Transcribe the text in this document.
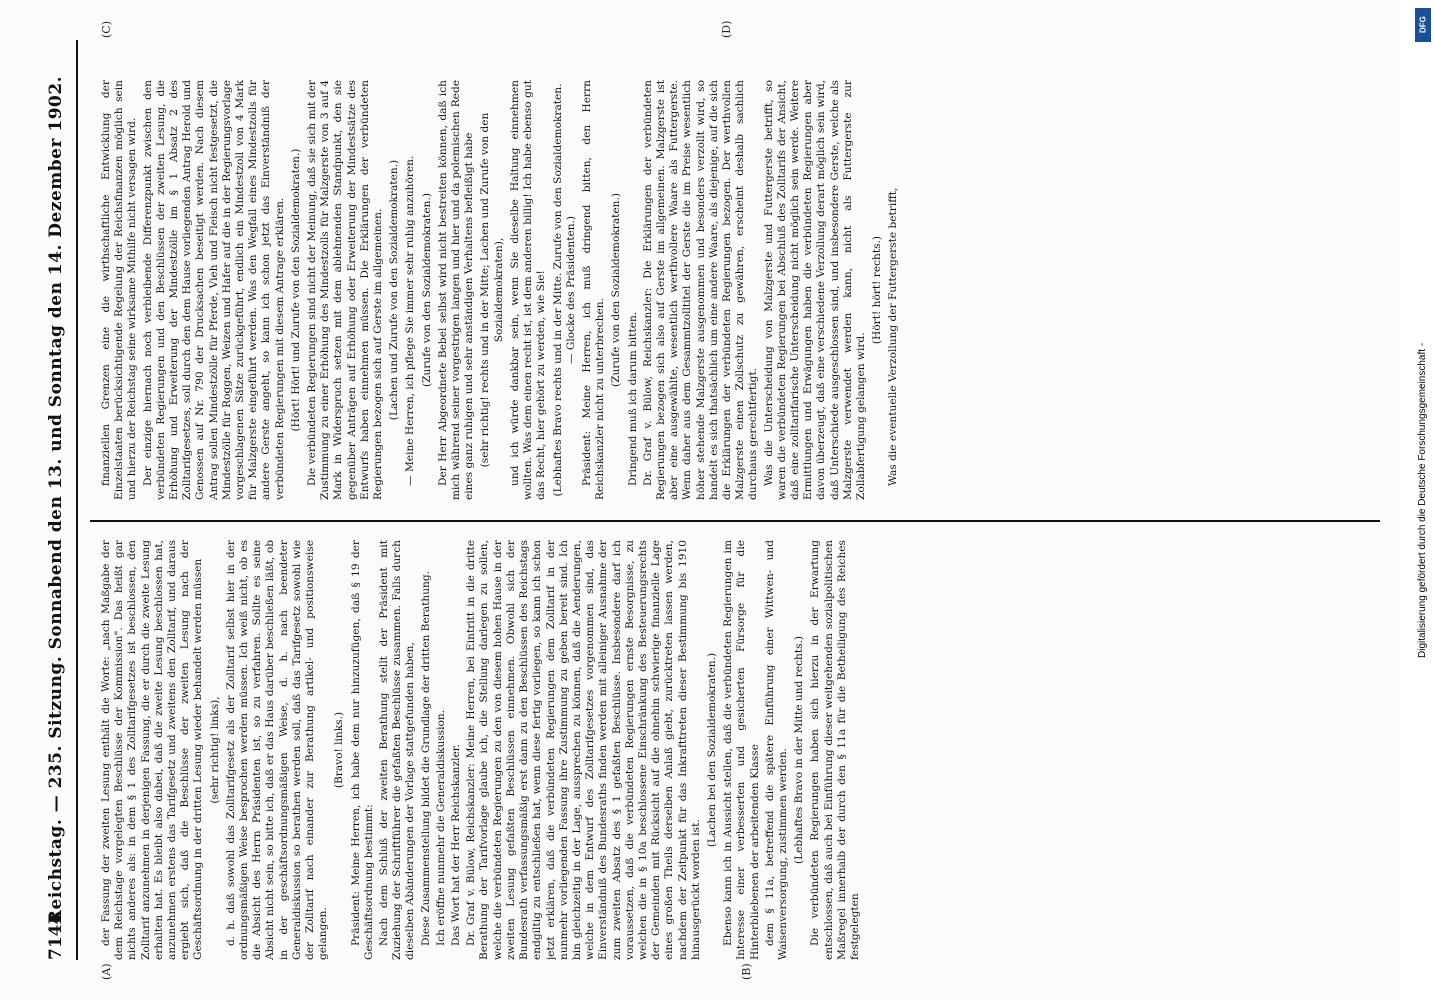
7144
Reichstag. — 235. Sitzung. Sonnabend den 13. und Sonntag den 14. Dezember 1902.
(A)	(B)
(C)	(D)

der Fassung der zweiten Lesung enthält die Worte: „nach Maßgabe der dem Reichstage vorgelegten Beschlüsse der Kommission". Das heißt gar nichts anderes als: in dem § 1 des Zolltarifgesetzes ist beschlossen, den Zolltarif anzunehmen in derjenigen Fassung, die er durch die zweite Lesung erhalten hat. Es bleibt also dabei, daß die zweite Lesung beschlossen hat, anzunehmen erstens das Tarifgesetz und zweitens den Zolltarif, und daraus ergiebt sich, daß die Beschlüsse der zweiten Lesung nach der Geschäftsordnung in der dritten Lesung wieder behandelt werden müssen (sehr richtig! links), d. h. daß sowohl das Zolltarifgesetz als der Zolltarif selbst hier in der ordnungsmäßigen Weise besprochen werden müssen. Ich weiß nicht, ob es die Absicht des Herrn Präsidenten ist, so zu verfahren. Sollte es seine Absicht nicht sein, so bitte ich, daß er das Haus darüber beschließen läßt, ob in der geschäftsordnungsmäßigen Weise, d. h. nach beendeter Generaldiskussion so berathen werden soll, daß das Tarifgesetz sowohl wie der Zolltarif nach einander zur Berathung artikel- und positionsweise gelangen.

(Bravo! links.) Präsident: Meine Herren, ich habe dem nur hinzuzufügen, daß § 19 der Geschäftsordnung bestimmt: Nach dem Schluß der zweiten Berathung stellt der Präsident mit Zuziehung der Schriftführer die gefaßten Beschlüsse zusammen. Falls durch dieselben Abänderungen der Vorlage stattgefunden haben, Diese Zusammenstellung bildet die Grundlage der dritten Berathung. Ich eröffne nunmehr die Generaldiskussion. Das Wort hat der Herr Reichskanzler. Dr. Graf v. Bülow, Reichskanzler: Meine Herren, bei Eintritt in die dritte Berathung der Tarifvorlage glaube ich, die Stellung darlegen zu sollen, welche die verbündeten Regierungen zu den von diesem hohen Hause in der zweiten Lesung gefaßten Beschlüssen einnehmen. Obwohl sich der Bundesrath verfassungsmäßig erst dann zu den Beschlüssen des Reichstags endgiltig zu entschließen hat, wenn diese fertig vorliegen, so kann ich schon jetzt erklären, daß die verbündeten Regierungen dem Zolltarif in der nunmehr vorliegenden Fassung ihre Zustimmung zu geben bereit sind. Ich bin gleichzeitig in der Lage, aussprechen zu können, daß die Aenderungen, welche in dem Entwurf des Zolltarifgesetzes vorgenommen sind, das Einverständniß des Bundesraths finden werden mit alleiniger Ausnahme der zum zweiten Absatz des § 1 gefaßten Beschlüsse. Insbesondere darf ich voraussetzen, daß die verbündeten Regierungen ernste Besorgnisse, zu welchen die in § 10a beschlossene Einschränkung des Besteuerungsrechts der Gemeinden mit Rücksicht auf die ohnehin schwierige finanzielle Lage eines großen Theils derselben Anlaß giebt, zurücktreten lassen werden, nachdem der Zeitpunkt für das Inkrafttreten dieser Bestimmung bis 1910 hinausgerückt worden ist.

(Lachen bei den Sozialdemokraten.) Ebenso kann ich in Aussicht stellen, daß die verbündeten Regierungen im Interesse einer verbesserten und gesicherten Fürsorge für die Hinterbliebenen der arbeitenden Klasse dem § 11a, betreffend die spätere Einführung einer Wittwen- und Waisenversorgung, zustimmen werden. (Lebhaftes Bravo in der Mitte und rechts.) Die verbündeten Regierungen haben sich hierzu in der Erwartung entschlossen, daß auch bei Einführung dieser weitgehenden sozialpolitischen Maßregel innerhalb der durch den § 11a für die Betheiligung des Reiches festgelegten

finanziellen Grenzen eine die wirthschaftliche Entwicklung der Einzelstaaten berücksichtigende Regelung der Reichsfinanzen möglich sein und hierzu der Reichstag seine wirksame Mithilfe nicht versagen wird. Der einzige hiernach noch verbleibende Differenzpunkt zwischen den verbündeten Regierungen und den Beschlüssen der zweiten Lesung, die Erhöhung und Erweiterung der Mindestzölle im § 1 Absatz 2 des Zolltarifgesetzes, soll durch den dem Hause vorliegenden Antrag Herold und Genossen auf Nr. 790 der Drucksachen beseitigt werden. Nach diesem Antrag sollen Mindestzölle für Pferde, Vieh und Fleisch nicht festgesetzt, die Mindestzölle für Roggen, Weizen und Hafer auf die in der Regierungsvorlage vorgeschlagenen Sätze zurückgeführt, endlich ein Mindestzoll von 4 Mark für Malzgerste eingeführt werden. Was den Wegfall eines Mindestzolls für andere Gerste angeht, so kann ich schon jetzt das Einverständniß der verbündeten Regierungen mit diesem Antrage erklären. (Hört! Hört! und Zurufe von den Sozialdemokraten.) Die verbündeten Regierungen sind nicht der Meinung, daß sie sich mit der Zustimmung zu einer Erhöhung des Mindestzolls für Malzgerste von 3 auf 4 Mark in Widerspruch setzen mit dem ablehnenden Standpunkt, den sie gegenüber Anträgen auf Erhöhung oder Erweiterung der Mindestsätze des Entwurfs haben einnehmen müssen. Die Erklärungen der verbündeten Regierungen bezogen sich auf Gerste im allgemeinen. (Lachen und Zurufe von den Sozialdemokraten.) — Meine Herren, ich pflege Sie immer sehr ruhig anzuhören. (Zurufe von den Sozialdemokraten.) Der Herr Abgeordnete Bebel selbst wird nicht bestreiten können, daß ich mich während seiner vorgestrigen langen und hier und da polemischen Rede eines ganz ruhigen und sehr anständigen Verhaltens befleißigt habe (sehr richtig! rechts und in der Mitte; Lachen und Zurufe von den Sozialdemokraten), und ich würde dankbar sein, wenn Sie dieselbe Haltung einnehmen wollten. Was dem einen recht ist, ist dem anderen billig! Ich habe ebenso gut das Recht, hier gehört zu werden, wie Sie! (Lebhaftes Bravo rechts und in der Mitte. Zurufe von den Sozialdemokraten. — Glocke des Präsidenten.) Präsident: Meine Herren, ich muß dringend bitten, den Herrn Reichskanzler nicht zu unterbrechen.

(Zurufe von den Sozialdemokraten.)

Dringend muß ich darum bitten. Dr. Graf v. Bülow, Reichskanzler: Die Erklärungen der verbündeten Regierungen bezogen sich also auf Gerste im allgemeinen. Malzgerste ist aber eine ausgewählte, wesentlich werthvollere Waare als Futtergerste. Wenn daher aus dem Gesammtzolltitel der Gerste die im Preise wesentlich höher stehende Malzgerste ausgenommen und besonders verzollt wird, so handelt es sich thatsächlich um eine andere Waare, als diejenige, auf die sich die Erklärungen der verbündeten Regierungen bezogen. Der werthvollen Malzgerste einen Zollschutz zu gewähren, erscheint deshalb sachlich durchaus gerechtfertigt. Was die Unterscheidung von Malzgerste und Futtergerste betrifft, so waren die verbündeten Regierungen bei Abschluß des Zolltarifs der Ansicht, daß eine zolltarifarische Unterscheidung nicht möglich sein werde. Weitere Ermittlungen und Erwägungen haben die verbündeten Regierungen aber davon überzeugt, daß eine verschiedene Verzollung derart möglich sein wird, daß Unterschiede ausgeschlossen sind, und insbesondere Gerste, welche als Malzgerste verwendet werden kann, nicht als Futtergerste zur Zollabfertigung gelangen wird.

(Hört! hört! rechts.) Was die eventuelle Verzollung der Futtergerste betrifft,

DFG
Digitalisierung gefördert durch die Deutsche Forschungsgemeinschaft -
